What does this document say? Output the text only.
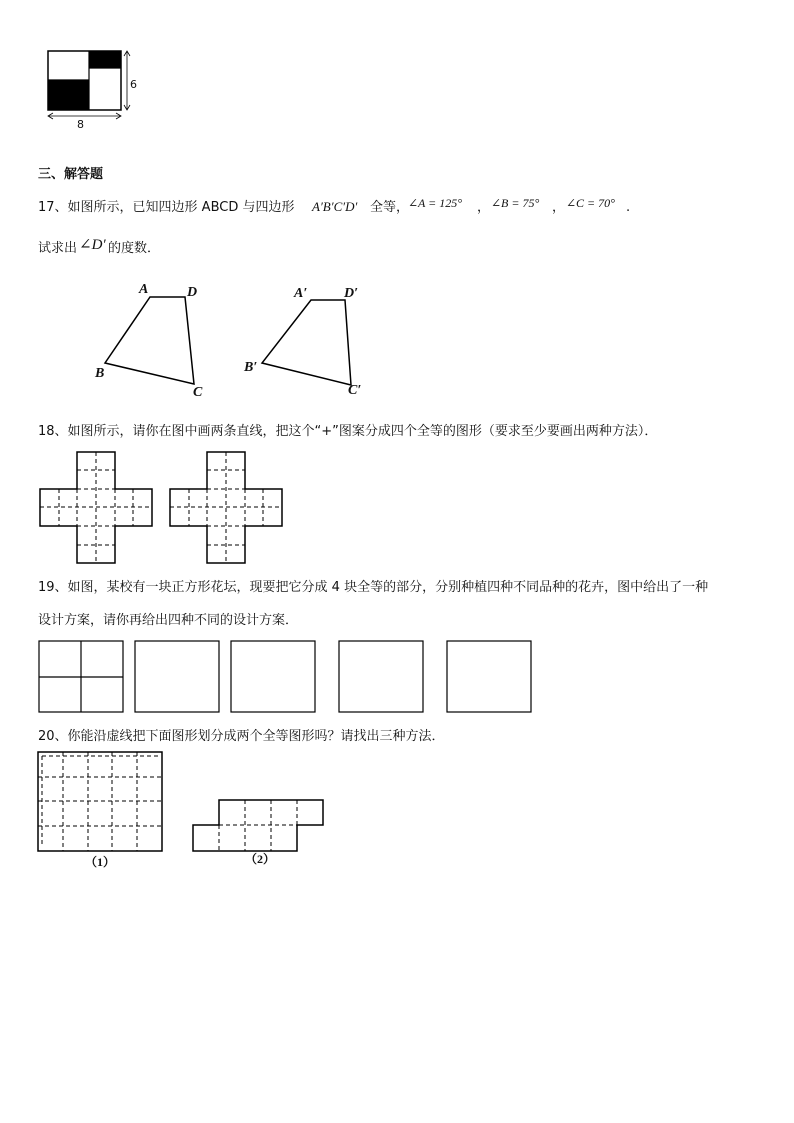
6
8
三、解答题
17、如图所示，已知四边形 ABCD 与四边形 A′B′C′D′ 全等，
∠A = 125° ， ∠B = 75° ， ∠C = 70° .
试求出 ∠D′ 的度数．
A	D
B
C
A′	D′
B′
C′
18、如图所示，请你在图中画两条直线，把这个“+”图案分成四个全等的图形（要求至少要画出两种方法）．
19、如图，某校有一块正方形花坛，现要把它分成 4 块全等的部分，分别种植四种不同品种的花卉，图中给出了一种
设计方案，请你再给出四种不同的设计方案．
20、你能沿虚线把下面图形划分成两个全等图形吗？请找出三种方法．
（1）	（2）
